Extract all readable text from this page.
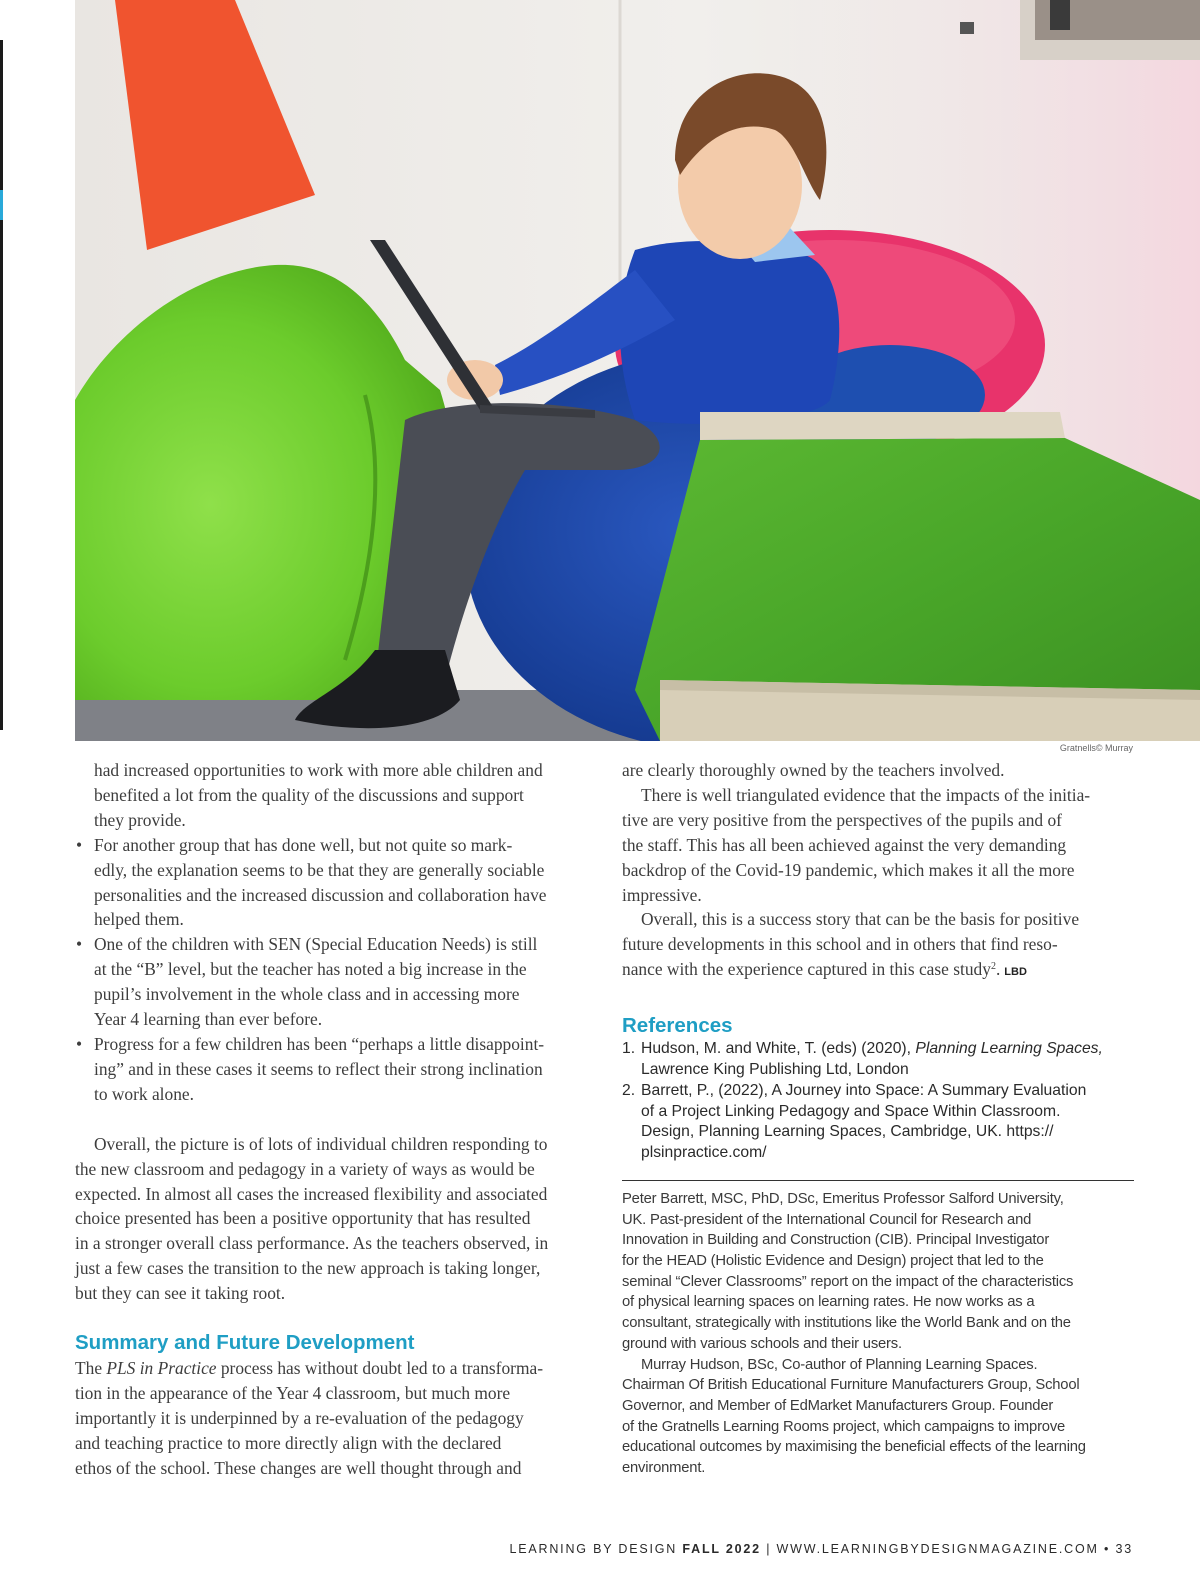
Gratnells© Murray
had increased opportunities to work with more able children and
benefited a lot from the quality of the discussions and support
they provide.
• For another group that has done well, but not quite so mark-
edly, the explanation seems to be that they are generally sociable
personalities and the increased discussion and collaboration have
helped them.
• One of the children with SEN (Special Education Needs) is still
at the “B” level, but the teacher has noted a big increase in the
pupil’s involvement in the whole class and in accessing more
Year 4 learning than ever before.
• Progress for a few children has been “perhaps a little disappoint-
ing” and in these cases it seems to reflect their strong inclination
to work alone.

Overall, the picture is of lots of individual children responding to
the new classroom and pedagogy in a variety of ways as would be
expected. In almost all cases the increased flexibility and associated
choice presented has been a positive opportunity that has resulted
in a stronger overall class performance. As the teachers observed, in
just a few cases the transition to the new approach is taking longer,
but they can see it taking root.

Summary and Future Development

The PLS in Practice process has without doubt led to a transforma-
tion in the appearance of the Year 4 classroom, but much more
importantly it is underpinned by a re-evaluation of the pedagogy
and teaching practice to more directly align with the declared
ethos of the school. These changes are well thought through and

are clearly thoroughly owned by the teachers involved.

There is well triangulated evidence that the impacts of the initia-
tive are very positive from the perspectives of the pupils and of
the staff. This has all been achieved against the very demanding
backdrop of the Covid-19 pandemic, which makes it all the more
impressive.

Overall, this is a success story that can be the basis for positive
future developments in this school and in others that find reso-
nance with the experience captured in this case study$^2$. LBD

References
1. Hudson, M. and White, T. (eds) (2020), Planning Learning Spaces,
Lawrence King Publishing Ltd, London
2. Barrett, P., (2022), A Journey into Space: A Summary Evaluation
of a Project Linking Pedagogy and Space Within Classroom.
Design, Planning Learning Spaces, Cambridge, UK. https://
plsinpractice.com/
Peter Barrett, MSC, PhD, DSc, Emeritus Professor Salford University,
UK. Past-president of the International Council for Research and
Innovation in Building and Construction (CIB). Principal Investigator
for the HEAD (Holistic Evidence and Design) project that led to the
seminal “Clever Classrooms” report on the impact of the characteristics
of physical learning spaces on learning rates. He now works as a
consultant, strategically with institutions like the World Bank and on the
ground with various schools and their users.
Murray Hudson, BSc, Co-author of Planning Learning Spaces.
Chairman Of British Educational Furniture Manufacturers Group, School
Governor, and Member of EdMarket Manufacturers Group. Founder
of the Gratnells Learning Rooms project, which campaigns to improve
educational outcomes by maximising the beneficial effects of the learning
environment.
LEARNING BY DESIGN FALL 2022 | WWW.LEARNINGBYDESIGNMAGAZINE.COM • 33
